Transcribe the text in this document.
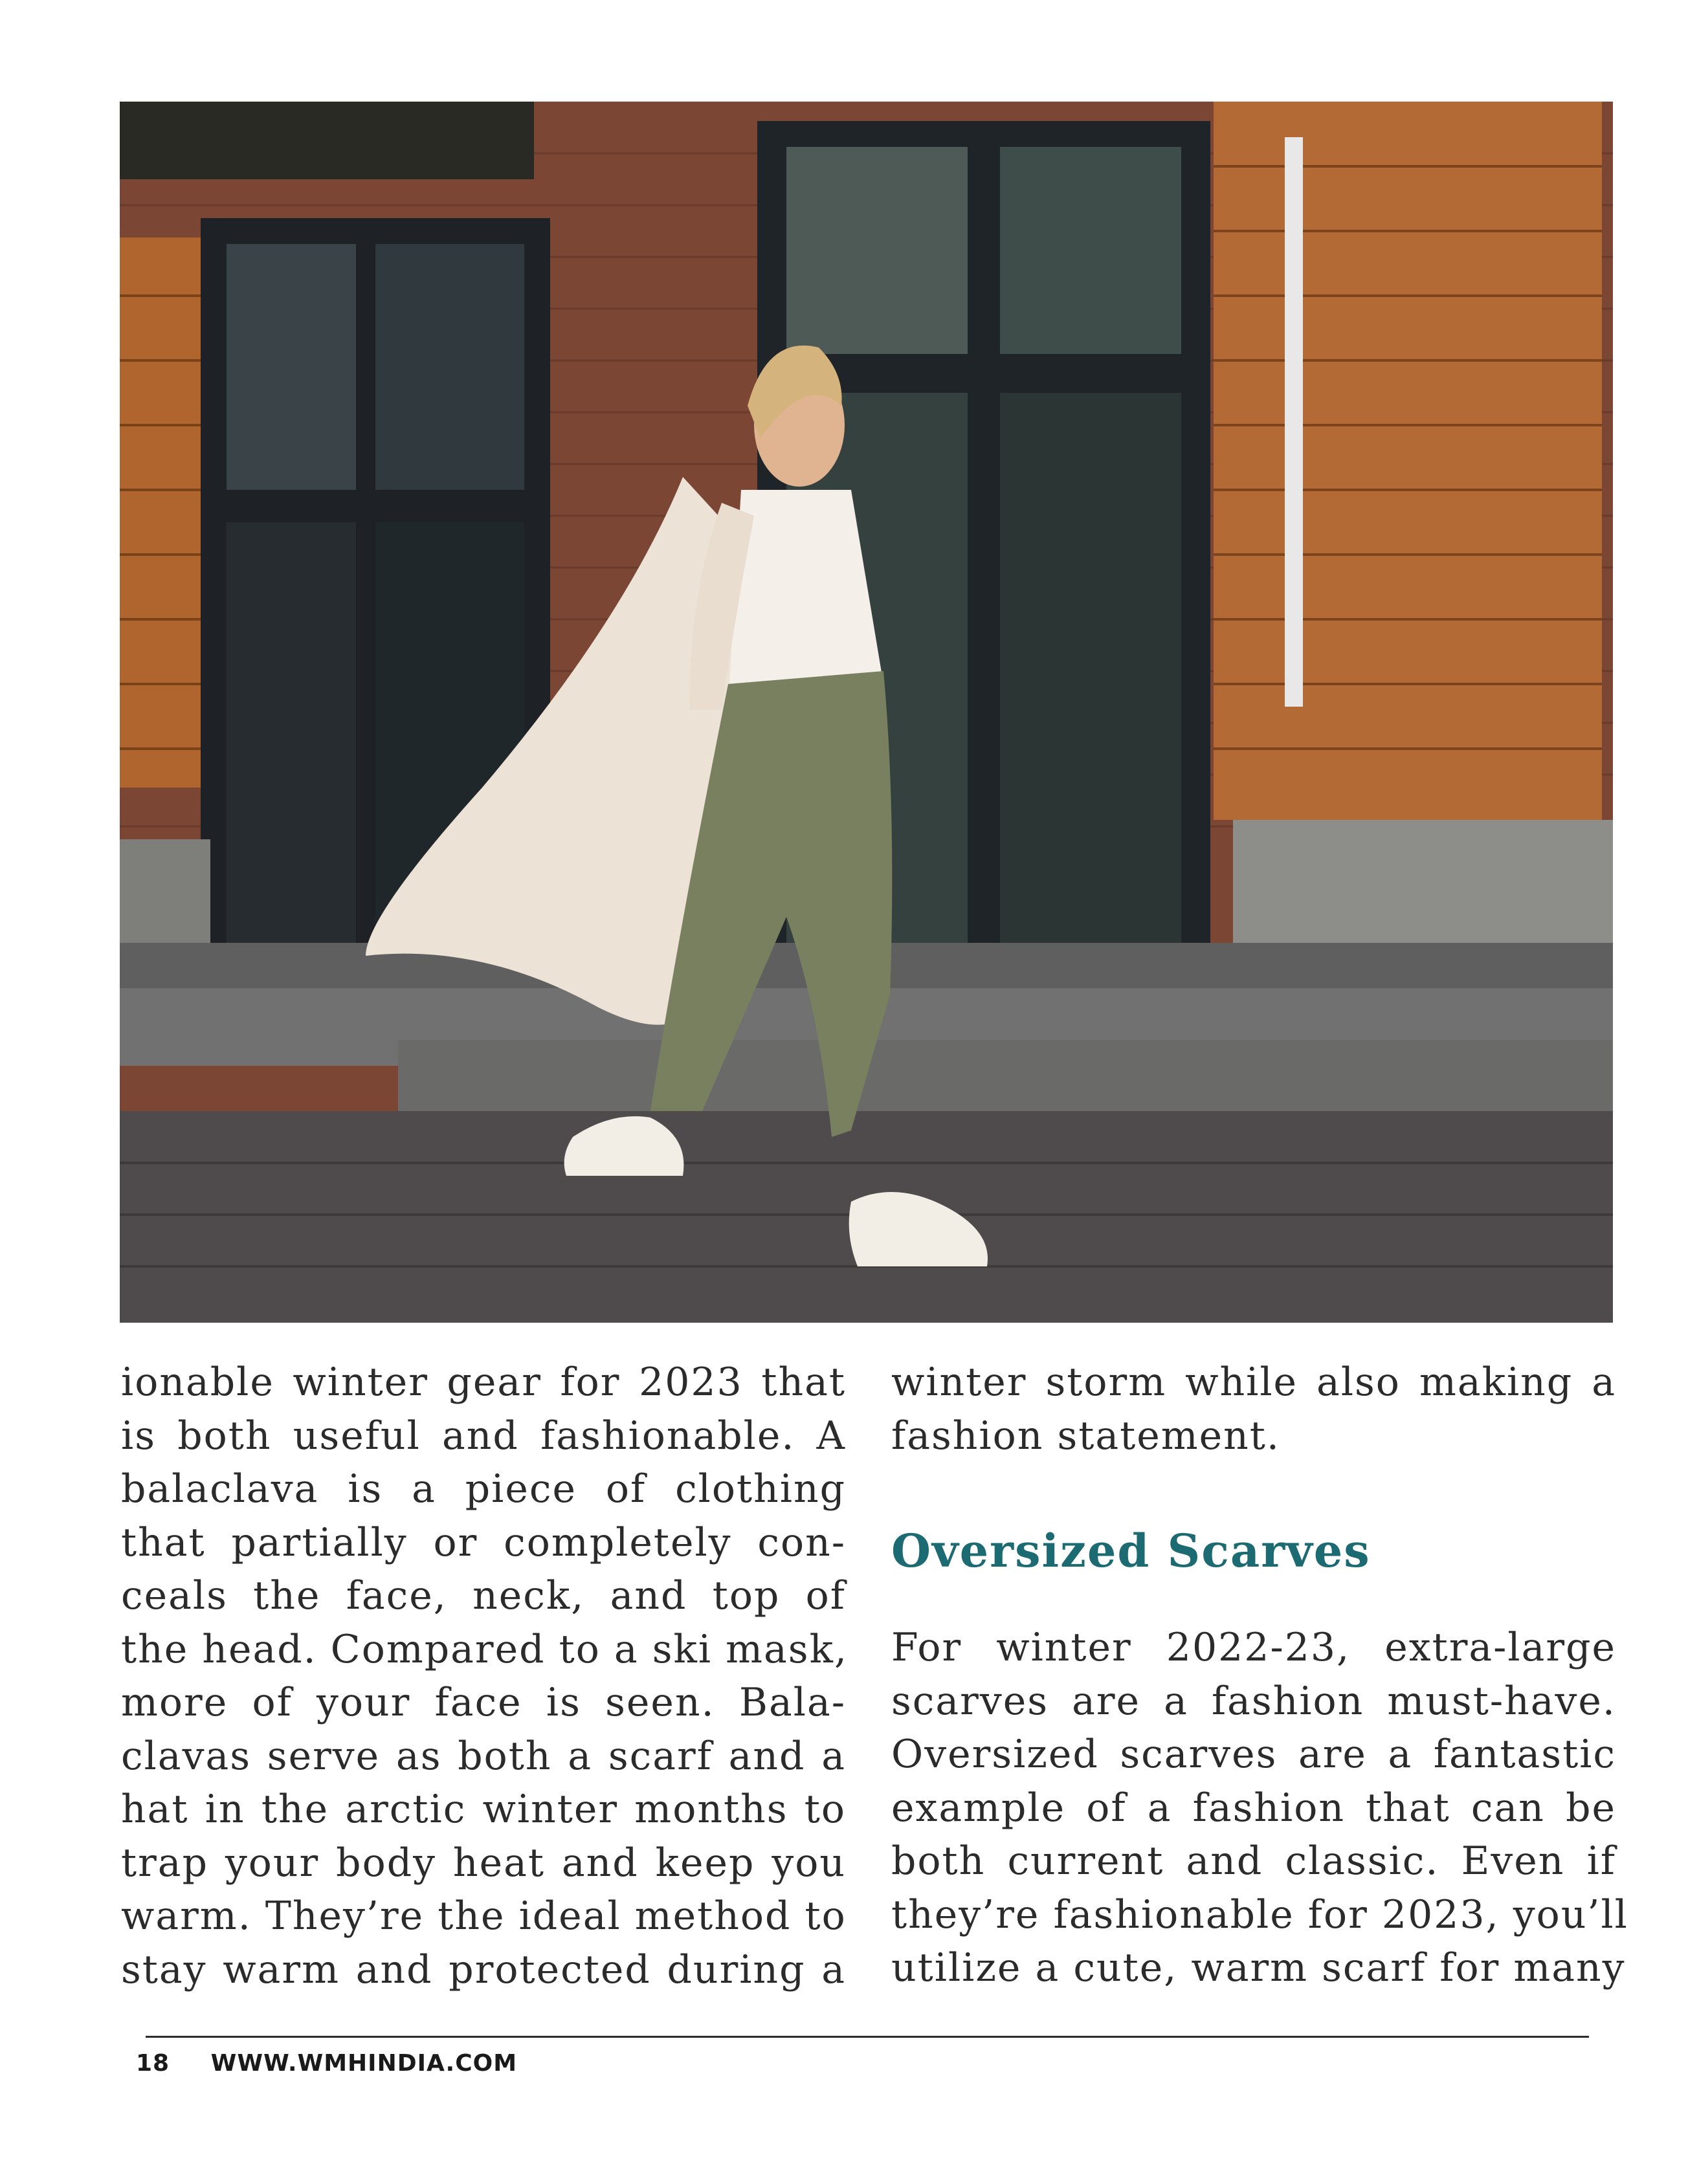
ionable winter gear for 2023 that
is both useful and fashionable. A
balaclava is a piece of clothing
that partially or completely con-
ceals the face, neck, and top of
the head. Compared to a ski mask,
more of your face is seen. Bala-
clavas serve as both a scarf and a
hat in the arctic winter months to
trap your body heat and keep you
warm. They’re the ideal method to
stay warm and protected during a
winter storm while also making a
fashion statement.
Oversized Scarves
For winter 2022-23, extra-large
scarves are a fashion must-have.
Oversized scarves are a fantastic
example of a fashion that can be
both current and classic. Even if
they’re fashionable for 2023, you’ll
utilize a cute, warm scarf for many
18 WWW.WMHINDIA.COM
